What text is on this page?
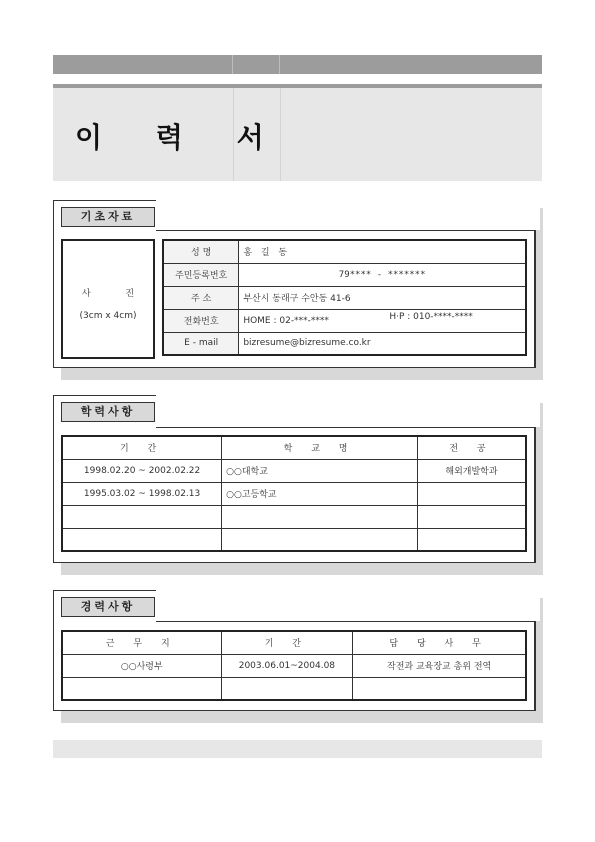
이 력 서
기초자료
사 진
(3cm x 4cm)
성 명	홍 길 동
주민등록번호	79**** - *******
주 소	부산시 동래구 수안동 41-6
전화번호	HOME : 02-***-**** H·P : 010-****-****

E - mail	bizresume@bizresume.co.kr
학력사항
기 간	학 교 명	전 공
1998.02.20 ~ 2002.02.22	○○대학교	해외개발학과
1995.03.02 ~ 1998.02.13	○○고등학교	

경력사항
근 무 지	기 간	담 당 사 무
○○사령부	2003.06.01~2004.08	작전과 교육장교 총위 전역
